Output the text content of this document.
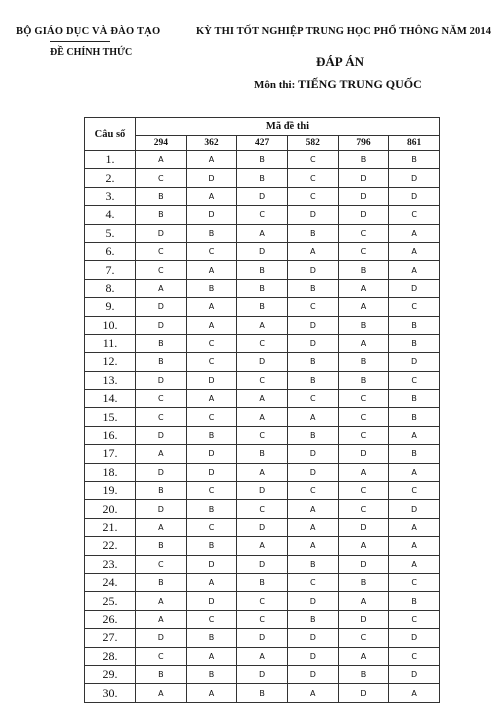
BỘ GIÁO DỤC VÀ ĐÀO TẠO
ĐỀ CHÍNH THỨC
KỲ THI TỐT NGHIỆP TRUNG HỌC PHỔ THÔNG NĂM 2014
ĐÁP ÁN
Môn thi: TIẾNG TRUNG QUỐC
Câu số	Mã đề thi					
	294	362	427	582	796	861
1.	A	A	B	C	B	B
2.	C	D	B	C	D	D
3.	B	A	D	C	D	D
4.	B	D	C	D	D	C
5.	D	B	A	B	C	A
6.	C	C	D	A	C	A
7.	C	A	B	D	B	A
8.	A	B	B	B	A	D
9.	D	A	B	C	A	C
10.	D	A	A	D	B	B
11.	B	C	C	D	A	B
12.	B	C	D	B	B	D
13.	D	D	C	B	B	C
14.	C	A	A	C	C	B
15.	C	C	A	A	C	B
16.	D	B	C	B	C	A
17.	A	D	B	D	D	B
18.	D	D	A	D	A	A
19.	B	C	D	C	C	C
20.	D	B	C	A	C	D
21.	A	C	D	A	D	A
22.	B	B	A	A	A	A
23.	C	D	D	B	D	A
24.	B	A	B	C	B	C
25.	A	D	C	D	A	B
26.	A	C	C	B	D	C
27.	D	B	D	D	C	D
28.	C	A	A	D	A	C
29.	B	B	D	D	B	D
30.	A	A	B	A	D	A
